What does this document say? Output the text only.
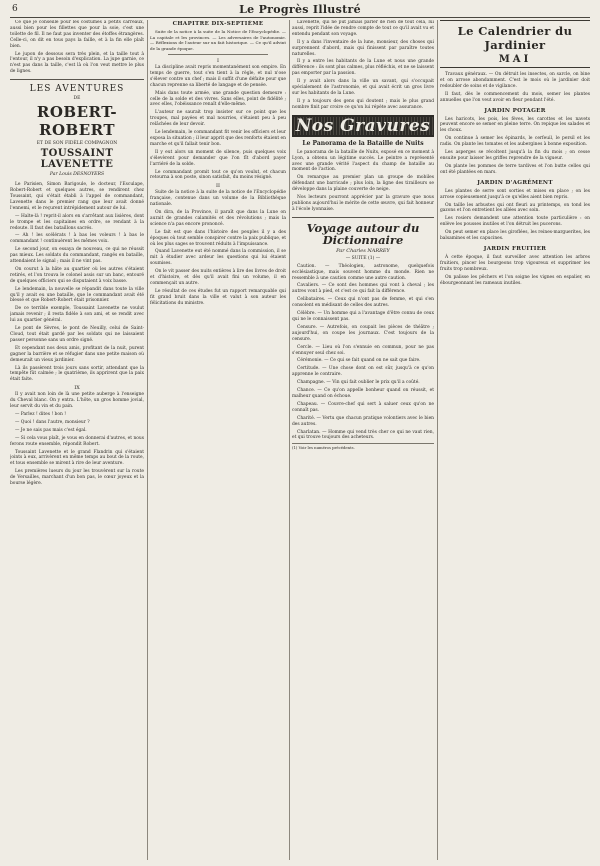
6	Le Progrès Illustré

Ce que je conseille pour les costumes à petits carreaux, aussi bien pour les fillettes que pour la soie, c'est une toilette de fil. Il ne faut pas inventer des étoffes étrangères. Celle-ci, on dit en tous pays la faille, et à la fin elle plaît bien.

Le jupon de dessous sera très plein, et la taille tout à l'entour, il n'y a pas besoin d'explication. La jupe garnie, ce n'est pas dans la taille, c'est là où l'on veut mettre le plus de lignes.

LES AVENTURES
DE
ROBERT-ROBERT
ET DE SON FIDÈLE COMPAGNON
TOUSSAINT LAVENETTE
Par Louis DESNOYERS

Le Parisien, Simon Barigoule, le docteur, l'Esculape, Robert-Robert et quelques autres, se rendirent chez Toussaint, qui s'était établi à l'appel de commandant, Lavenette dans le premier rang que leur avait donné l'ennemi, et le reçurent intrépidement autour de lui.

— Halte-là ! reprit-il alors en s'arrêtant aux lisières, dont le trompe et les capitaines en ordre, se rendant à la redoute. Il faut des bataillons sacrés.

— Ah ! les scélérats ! à bas les voleurs ! à bas le commandant ! continuèrent les mêmes voix.

Le second jour, on essaya de nouveau, ce qui ne réussit pas mieux. Les soldats du commandant, rangés en bataille, attendaient le signal ; mais il ne vint pas.

On courut à la hâte au quartier où les autres s'étaient retirés, et l'on trouva le colonel assis sur un banc, entouré de quelques officiers qui se disputaient à voix basse.

Le lendemain, la nouvelle se répandit dans toute la ville qu'il y avait eu une bataille, que le commandant avait été blessé et que Robert-Robert était prisonnier.

De ce terrible exemple, Toussaint Lavenette ne voulut jamais revenir ; il resta fidèle à son ami, et se rendit avec lui au quartier général.

Le pont de Sèvres, le pont de Neuilly, celui de Saint-Cloud, tout était gardé par les soldats qui ne laissaient passer personne sans un ordre signé.

Et cependant nos deux amis, profitant de la nuit, purent gagner la barrière et se réfugier dans une petite maison où demeurait un vieux jardinier.

Là ils passèrent trois jours sans sortir, attendant que la tempête fût calmée ; le quatrième, ils apprirent que la paix était faite.

IX

Il y avait non loin de là une petite auberge à l'enseigne du Cheval blanc. On y entra. L'hôte, un gros homme jovial, leur servit du vin et du pain.

— Parlez ! dites ! bon !

— Quoi ! dans l'autre, monsieur ?

— Je ne sais pas mais c'est égal.

— Si cela vous plaît, je vous en donnerai d'autres, et nous ferons route ensemble, répondit Robert.

Toussaint Lavenette et le grand Flandrin qui s'étaient joints à eux, arrivèrent en même temps au bout de la route, et tous ensemble se mirent à rire de leur aventure.

Les premières lueurs du jour les trouvèrent sur la route de Versailles, marchant d'un bon pas, le cœur joyeux et la bourse légère.

CHAPITRE DIX-SEPTIÈME

Suite de la notice à la suite de la Notice de l'Encyclopédie. — La capitale et les provinces. — Les adversaires de l'autonomie. — Réflexions de l'auteur sur un fait historique. — Ce qu'il advint de la grande époque.

I

La discipline avait repris momentanément son empire. En temps de guerre, tout s'en tient à la règle, et nul n'ose s'élever contre un chef ; mais il suffit d'une défaite pour que chacun reprenne sa liberté de langage et de pensée.

Mais dans toute armée, une grande question demeure : celle de la solde et des vivres. Sans elles, point de fidélité ; avec elles, l'obéissance renaît d'elle-même.

L'auteur ne saurait trop insister sur ce point que les troupes, mal payées et mal nourries, s'étaient peu à peu relâchées de leur devoir.

Le lendemain, le commandant fit venir les officiers et leur exposa la situation ; il leur apprit que des renforts étaient en marche et qu'il fallait tenir bon.

Il y eut alors un moment de silence, puis quelques voix s'élevèrent pour demander que l'on fît d'abord payer l'arriéré de la solde.

Le commandant promit tout ce qu'on voulut, et chacun retourna à son poste, sinon satisfait, du moins résigné.

II

Suite de la notice à la suite de la notice de l'Encyclopédie française, contenue dans un volume de la Bibliothèque nationale.

On dira, de la Province, il paraît que dans la Lune on aurait de grandes calamités et des révolutions ; mais la science n'a pas encore prononcé.

Le fait est que dans l'histoire des peuples il y a des époques où tout semble conspirer contre la paix publique, et où les plus sages se trouvent réduits à l'impuissance.

Quand Lavenette eut été nommé dans la commission, il se mit à étudier avec ardeur les questions qui lui étaient soumises.

On le vit passer des nuits entières à lire des livres de droit et d'histoire, et dès qu'il avait fini un volume, il en commençait un autre.

Le résultat de ces études fut un rapport remarquable qui fit grand bruit dans la ville et valut à son auteur les félicitations du ministre.

Lavenette, qui ne put jamais parler de rien de tout cela, lui aussi, reprit l'idée de rendre compte de tout ce qu'il avait vu et entendu pendant son voyage.

Il y a dans l'inventaire de la lune, monsieur, des choses qui surprennent d'abord, mais qui finissent par paraître toutes naturelles.

Il y a entre les habitants de la Lune et nous une grande différence : ils sont plus calmes, plus réfléchis, et ne se laissent pas emporter par la passion.

Il y avait alors dans la ville un savant, qui s'occupait spécialement de l'astronomie, et qui avait écrit un gros livre sur les habitants de la Lune.

Il y a toujours des gens qui doutent ; mais le plus grand nombre finit par croire ce qu'on lui répète avec assurance.

Nos Gravures
Le Panorama de la Bataille de Nuits

Le panorama de la bataille de Nuits, exposé en ce moment à Lyon, a obtenu un légitime succès. Le peintre a représenté avec une grande vérité l'aspect du champ de bataille au moment de l'action.

On remarque au premier plan un groupe de mobiles défendant une barricade ; plus loin, la ligne des tirailleurs se développe dans la plaine couverte de neige.

Nos lecteurs pourront apprécier par la gravure que nous publions aujourd'hui le mérite de cette œuvre, qui fait honneur à l'école lyonnaise.

Voyage autour du Dictionnaire
Par Charles NARREY
— SUITE (1) —

Caution. — Théologien, astronome, quelquefois ecclésiastique, mais souvent homme du monde. Rien ne ressemble à une caution comme une autre caution.

Cavaliers. — Ce sont des hommes qui vont à cheval ; les autres vont à pied, et c'est ce qui fait la différence.

Celibataires. — Ceux qui n'ont pas de femme, et qui s'en consolent en médisant de celles des autres.

Célèbre. — Un homme qui a l'avantage d'être connu de ceux qui ne le connaissent pas.

Censure. — Autrefois, on coupait les pièces de théâtre ; aujourd'hui, on coupe les journaux. C'est toujours de la censure.

Cercle. — Lieu où l'on s'ennuie en commun, pour ne pas s'ennuyer seul chez soi.

Cérémonie. — Ce qui se fait quand on ne sait que faire.

Certitude. — Une chose dont on est sûr, jusqu'à ce qu'on apprenne le contraire.

Champagne. — Vin qui fait oublier le prix qu'il a coûté.

Chance. — Ce qu'on appelle bonheur quand on réussit, et malheur quand on échoue.

Chapeau. — Couvre-chef qui sert à saluer ceux qu'on ne connaît pas.

Charité. — Vertu que chacun pratique volontiers avec le bien des autres.

Charlatan. — Homme qui vend très cher ce qui ne vaut rien, et qui trouve toujours des acheteurs.

(1) Voir les numéros précédents.
Le Calendrier du Jardinier
MAI

Travaux généraux. — On détruit les insectes, on sarcle, on bine et on arrose abondamment. C'est le mois où le jardinier doit redoubler de soins et de vigilance.

Il faut, dès le commencement du mois, semer les plantes annuelles que l'on veut avoir en fleur pendant l'été.

JARDIN POTAGER

Les haricots, les pois, les fèves, les carottes et les navets peuvent encore se semer en pleine terre. On repique les salades et les choux.

On continue à semer les épinards, le cerfeuil, le persil et les radis. On plante les tomates et les aubergines à bonne exposition.

Les asperges se récoltent jusqu'à la fin du mois ; on cesse ensuite pour laisser les griffes reprendre de la vigueur.

On plante les pommes de terre tardives et l'on butte celles qui ont été plantées en mars.

JARDIN D'AGRÉMENT

Les plantes de serre sont sorties et mises en place ; on les arrose copieusement jusqu'à ce qu'elles aient bien repris.

On taille les arbustes qui ont fleuri au printemps, on tond les gazons et l'on entretient les allées avec soin.

Les rosiers demandent une attention toute particulière : on enlève les pousses inutiles et l'on détruit les pucerons.

On peut semer en place les giroflées, les reines-marguerites, les balsamines et les capucines.

JARDIN FRUITIER

À cette époque, il faut surveiller avec attention les arbres fruitiers, pincer les bourgeons trop vigoureux et supprimer les fruits trop nombreux.

On palisse les pêchers et l'on soigne les vignes en espalier, en ébourgeonnant les rameaux inutiles.
